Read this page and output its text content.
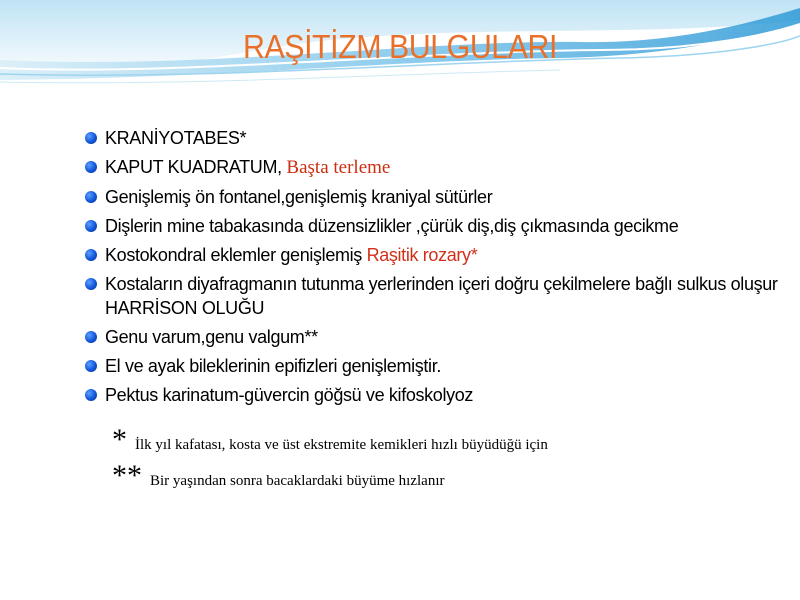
RAŞİTİZM BULGULARI
KRANİYOTABES*
KAPUT KUADRATUM, Başta terleme
Genişlemiş ön fontanel,genişlemiş kraniyal sütürler
Dişlerin mine tabakasında düzensizlikler ,çürük diş,diş çıkmasında gecikme
Kostokondral eklemler genişlemiş Raşitik rozary*
Kostaların diyafragmanın tutunma yerlerinden içeri doğru çekilmelere bağlı sulkus oluşur HARRİSON OLUĞU
Genu varum,genu valgum**
El ve ayak bileklerinin epifizleri genişlemiştir.
Pektus karinatum-güvercin göğsü ve kifoskolyoz
* İlk yıl kafatası, kosta ve üst ekstremite kemikleri hızlı büyüdüğü için
** Bir yaşından sonra bacaklardaki büyüme hızlanır
